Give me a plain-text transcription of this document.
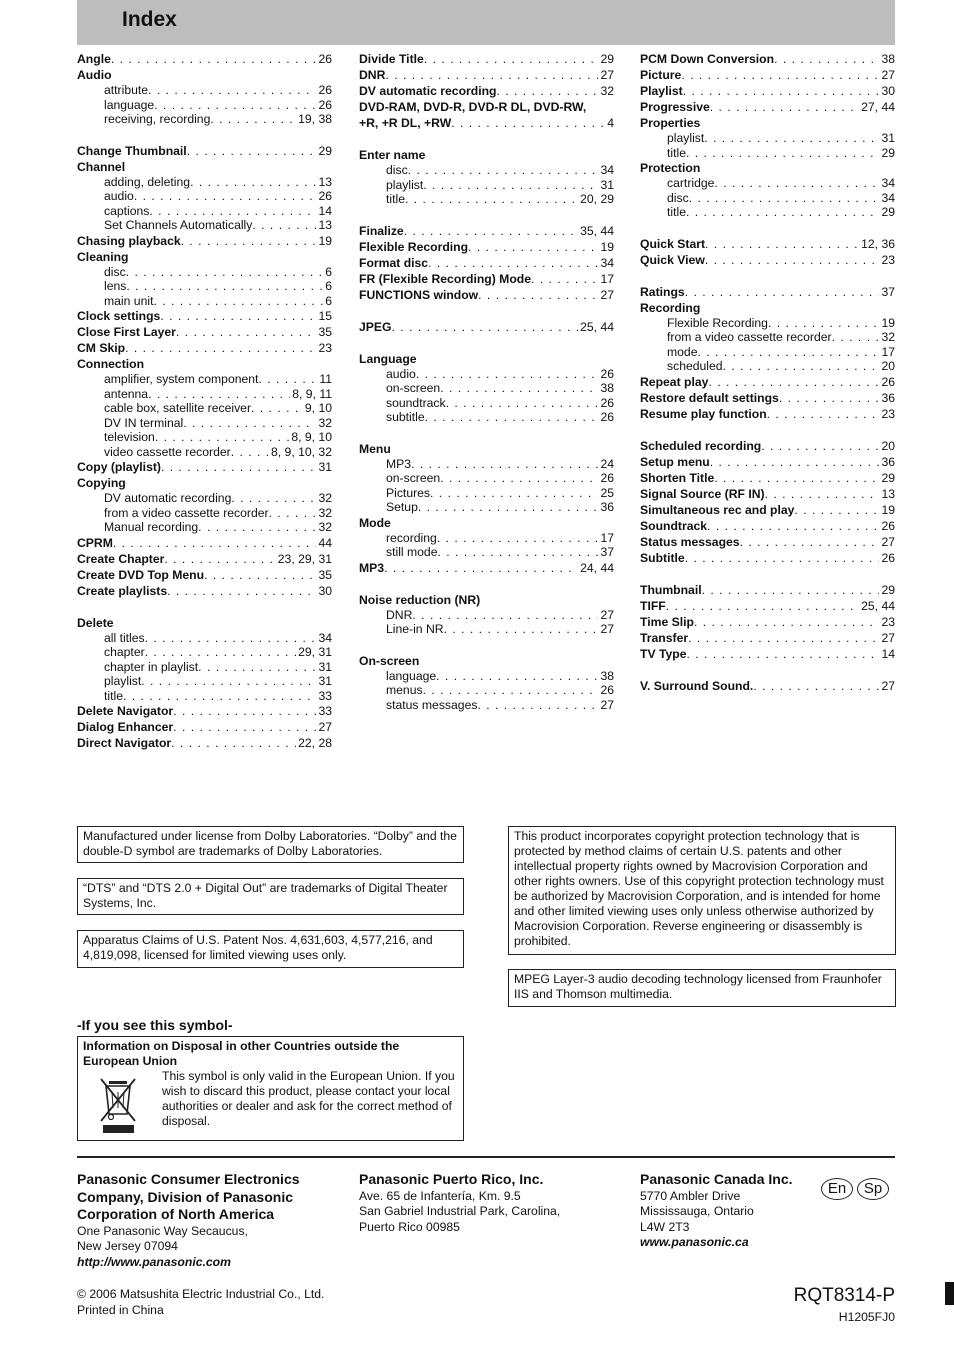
Index
Angle . . .	26
Audio
attribute . . .	26
language . . .	26
receiving, recording . . .	19, 38
Change Thumbnail . . .	29
Channel
adding, deleting . . .	13
audio . . .	26
captions . . .	14
Set Channels Automatically . . .	13
Chasing playback . . .	19
Cleaning
disc . . .	6
lens . . .	6
main unit . . .	6
Clock settings . . .	15
Close First Layer . . .	35
CM Skip . . .	23
Connection
amplifier, system component . . .	11
antenna . . .	8, 9, 11
cable box, satellite receiver . . .	9, 10
DV IN terminal . . .	32
television . . .	8, 9, 10
video cassette recorder . . .	8, 9, 10, 32
Copy (playlist) . . .	31
Copying
DV automatic recording . . .	32
from a video cassette recorder . . .	32
Manual recording . . .	32
CPRM . . .	44
Create Chapter . . .	23, 29, 31
Create DVD Top Menu . . .	35
Create playlists . . .	30
Delete
all titles . . .	34
chapter . . .	29, 31
chapter in playlist . . .	31
playlist . . .	31
title . . .	33
Delete Navigator . . .	33
Dialog Enhancer . . .	27
Direct Navigator . . .	22, 28
Divide Title . . .	29
DNR . . .	27
DV automatic recording . . .	32
DVD-RAM, DVD-R, DVD-R DL, DVD-RW,
+R, +R DL, +RW . . .	4
Enter name
disc . . .	34
playlist . . .	31
title . . .	20, 29
Finalize . . .	35, 44
Flexible Recording . . .	19
Format disc . . .	34
FR (Flexible Recording) Mode . . .	17
FUNCTIONS window . . .	27
JPEG . . .	25, 44
Language
audio . . .	26
on-screen . . .	38
soundtrack . . .	26
subtitle . . .	26
Menu
MP3 . . .	24
on-screen . . .	26
Pictures . . .	25
Setup . . .	36
Mode
recording . . .	17
still mode . . .	37
MP3 . . .	24, 44
Noise reduction (NR)
DNR . . .	27
Line-in NR . . .	27
On-screen
language . . .	38
menus . . .	26
status messages . . .	27
PCM Down Conversion . . .	38
Picture . . .	27
Playlist . . .	30
Progressive . . .	27, 44
Properties
playlist . . .	31
title . . .	29
Protection
cartridge . . .	34
disc . . .	34
title . . .	29
Quick Start . . .	12, 36
Quick View . . .	23
Ratings . . .	37
Recording
Flexible Recording . . .	19
from a video cassette recorder . . .	32
mode . . .	17
scheduled . . .	20
Repeat play . . .	26
Restore default settings . . .	36
Resume play function . . .	23
Scheduled recording . . .	20
Setup menu . . .	36
Shorten Title . . .	29
Signal Source (RF IN) . . .	13
Simultaneous rec and play . . .	19
Soundtrack . . .	26
Status messages . . .	27
Subtitle . . .	26
Thumbnail . . .	29
TIFF . . .	25, 44
Time Slip . . .	23
Transfer . . .	27
TV Type . . .	14
V. Surround Sound. . . .	27
Manufactured under license from Dolby Laboratories. “Dolby” and the double-D symbol are trademarks of Dolby Laboratories.
“DTS” and “DTS 2.0 + Digital Out” are trademarks of Digital Theater Systems, Inc.
Apparatus Claims of U.S. Patent Nos. 4,631,603, 4,577,216, and 4,819,098, licensed for limited viewing uses only.
This product incorporates copyright protection technology that is protected by method claims of certain U.S. patents and other intellectual property rights owned by Macrovision Corporation and other rights owners. Use of this copyright protection technology must be authorized by Macrovision Corporation, and is intended for home and other limited viewing uses only unless otherwise authorized by Macrovision Corporation. Reverse engineering or disassembly is prohibited.
MPEG Layer-3 audio decoding technology licensed from Fraunhofer IIS and Thomson multimedia.
-If you see this symbol-
Information on Disposal in other Countries outside the European Union
This symbol is only valid in the European Union. If you wish to discard this product, please contact your local authorities or dealer and ask for the correct method of disposal.
Panasonic Consumer Electronics Company, Division of Panasonic Corporation of North America
One Panasonic Way Secaucus,
New Jersey 07094
http://www.panasonic.com
Panasonic Puerto Rico, Inc.
Ave. 65 de Infantería, Km. 9.5
San Gabriel Industrial Park, Carolina,
Puerto Rico 00985
Panasonic Canada Inc.
5770 Ambler Drive
Mississauga, Ontario
L4W 2T3
www.panasonic.ca
En	Sp
© 2006 Matsushita Electric Industrial Co., Ltd.
Printed in China
RQT8314-P
H1205FJ0
